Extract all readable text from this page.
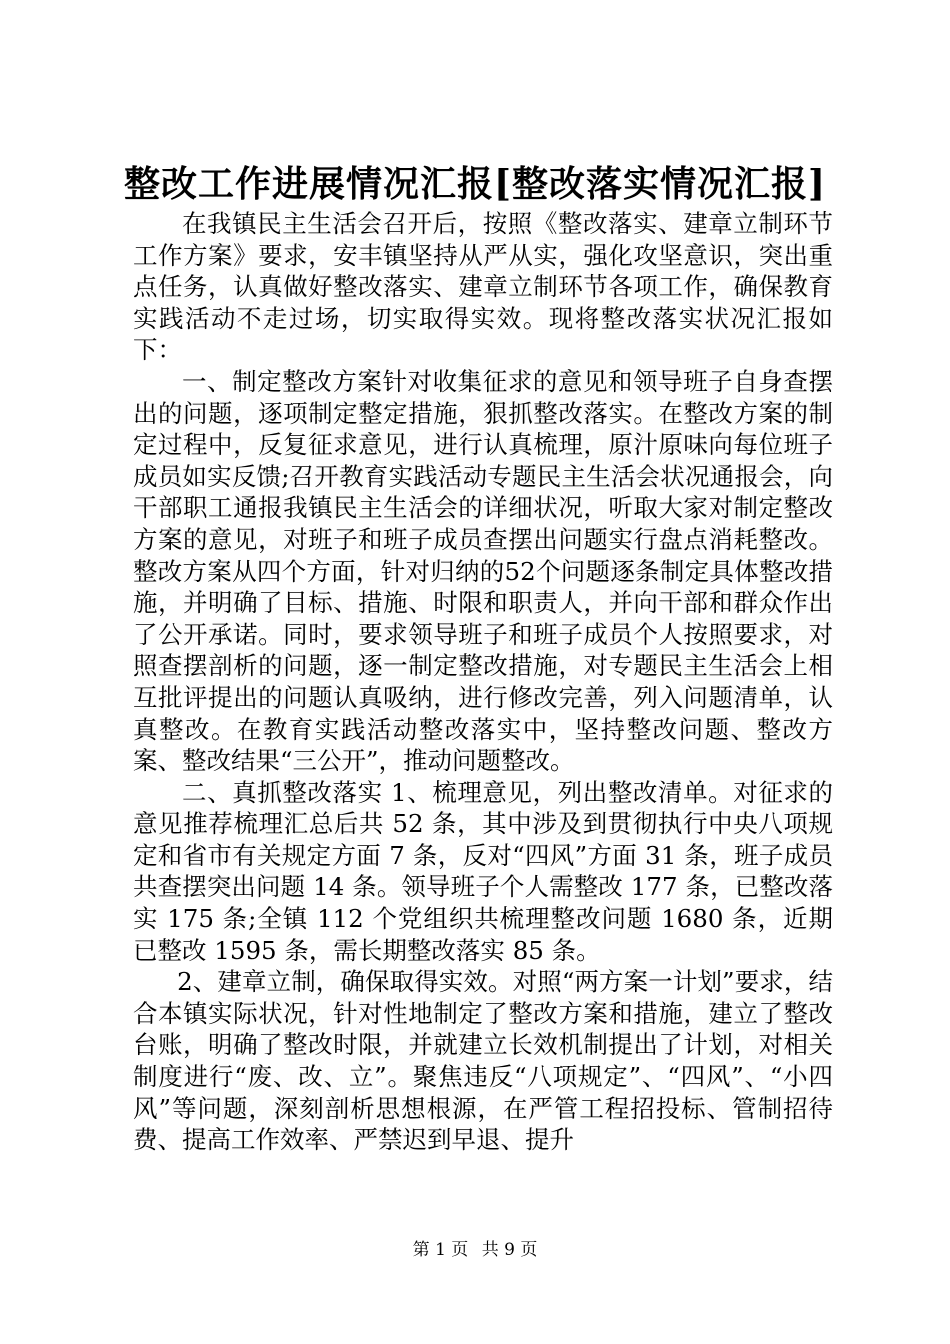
整改工作进展情况汇报[整改落实情况汇报]

在我镇民主生活会召开后，按照《整改落实、建章立制环节工作方案》要求，安丰镇坚持从严从实，强化攻坚意识，突出重点任务，认真做好整改落实、建章立制环节各项工作，确保教育实践活动不走过场，切实取得实效。现将整改落实状况汇报如下：

一、制定整改方案针对收集征求的意见和领导班子自身查摆出的问题，逐项制定整定措施，狠抓整改落实。在整改方案的制定过程中，反复征求意见，进行认真梳理，原汁原味向每位班子成员如实反馈;召开教育实践活动专题民主生活会状况通报会，向干部职工通报我镇民主生活会的详细状况，听取大家对制定整改方案的意见，对班子和班子成员查摆出问题实行盘点消耗整改。整改方案从四个方面，针对归纳的52个问题逐条制定具体整改措施，并明确了目标、措施、时限和职责人，并向干部和群众作出了公开承诺。同时，要求领导班子和班子成员个人按照要求，对照查摆剖析的问题，逐一制定整改措施，对专题民主生活会上相互批评提出的问题认真吸纳，进行修改完善，列入问题清单，认真整改。在教育实践活动整改落实中，坚持整改问题、整改方案、整改结果“三公开”，推动问题整改。

二、真抓整改落实 1、梳理意见，列出整改清单。对征求的意见推荐梳理汇总后共 52 条，其中涉及到贯彻执行中央八项规定和省市有关规定方面 7 条，反对“四风”方面 31 条，班子成员共查摆突出问题 14 条。领导班子个人需整改 177 条，已整改落实 175 条;全镇 112 个党组织共梳理整改问题 1680 条，近期已整改 1595 条，需长期整改落实 85 条。

2、建章立制，确保取得实效。对照“两方案一计划”要求，结合本镇实际状况，针对性地制定了整改方案和措施，建立了整改台账，明确了整改时限，并就建立长效机制提出了计划，对相关制度进行“废、改、立”。聚焦违反“八项规定”、“四风”、“小四风”等问题，深刻剖析思想根源，在严管工程招投标、管制招待费、提高工作效率、严禁迟到早退、提升

第 1 页 共 9 页
